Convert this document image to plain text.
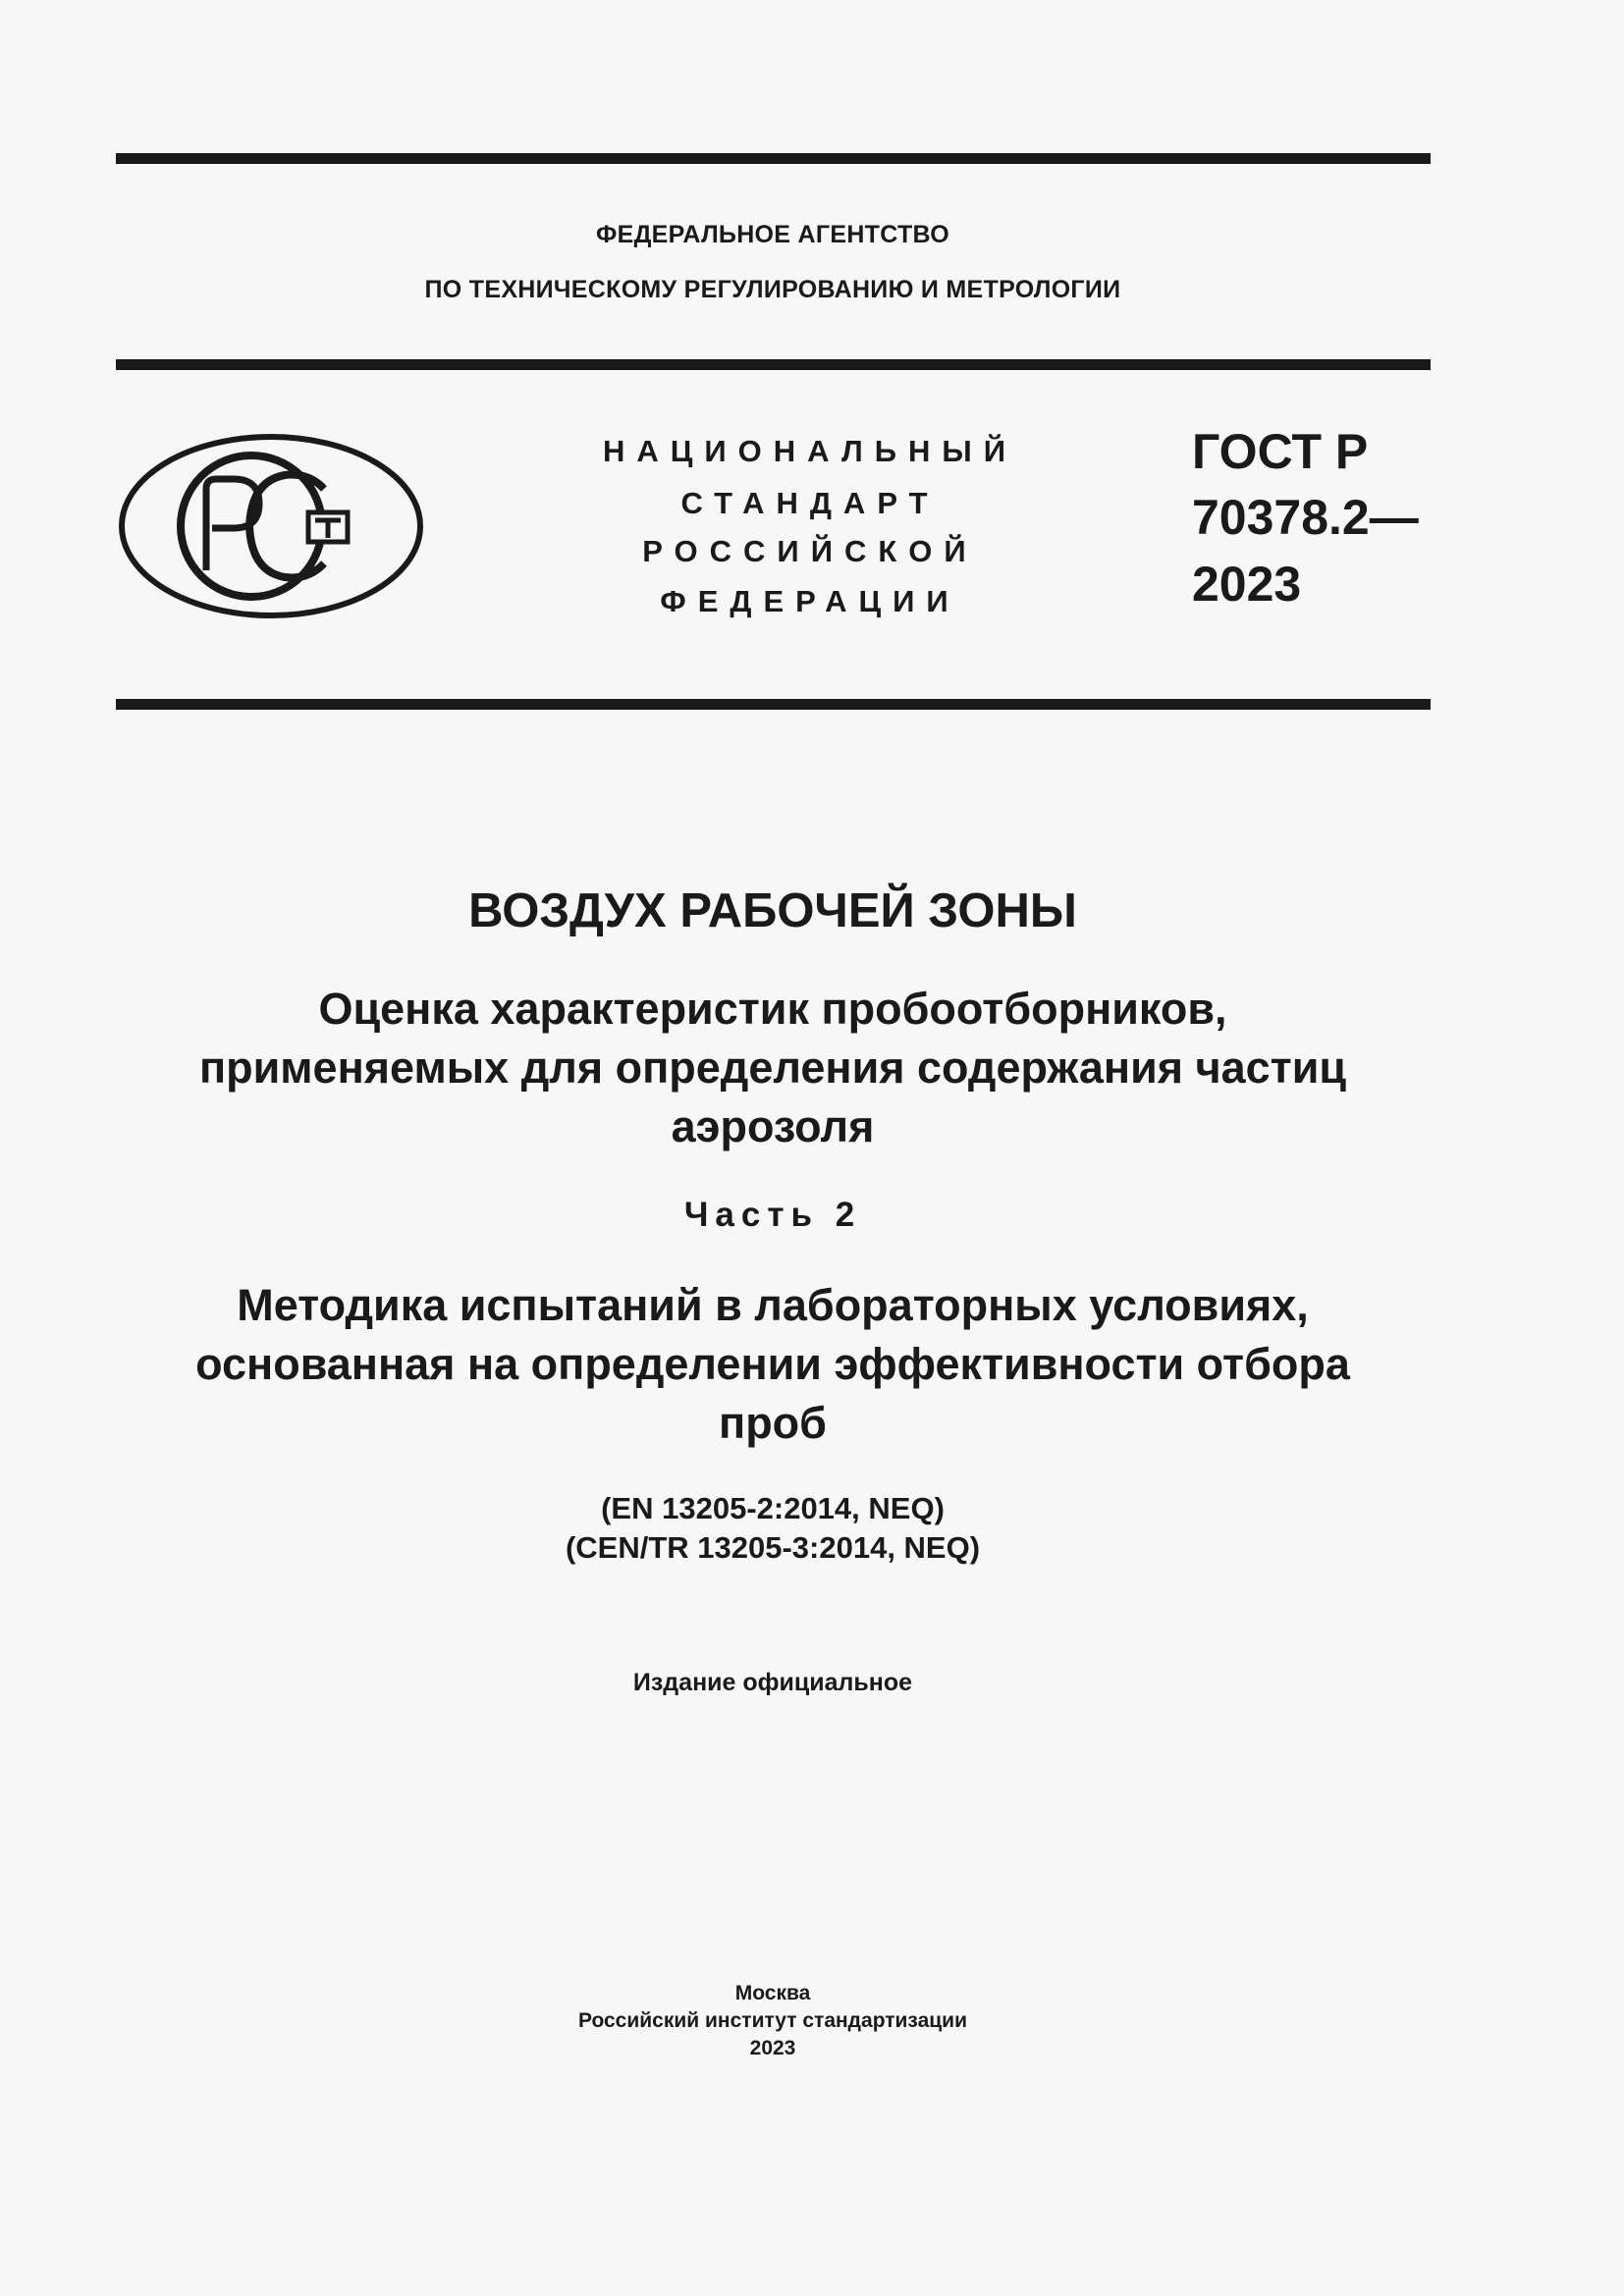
ФЕДЕРАЛЬНОЕ АГЕНТСТВО
ПО ТЕХНИЧЕСКОМУ РЕГУЛИРОВАНИЮ И МЕТРОЛОГИИ
НАЦИОНАЛЬНЫЙ
СТАНДАРТ
РОССИЙСКОЙ
ФЕДЕРАЦИИ
ГОСТ Р
70378.2—
2023
ВОЗДУХ РАБОЧЕЙ ЗОНЫ
Оценка характеристик пробоотборников,
применяемых для определения содержания частиц
аэрозоля
Часть 2
Методика испытаний в лабораторных условиях,
основанная на определении эффективности отбора
проб
(EN 13205-2:2014, NEQ)
(CEN/TR 13205-3:2014, NEQ)
Издание официальное
Москва
Российский институт стандартизации
2023
